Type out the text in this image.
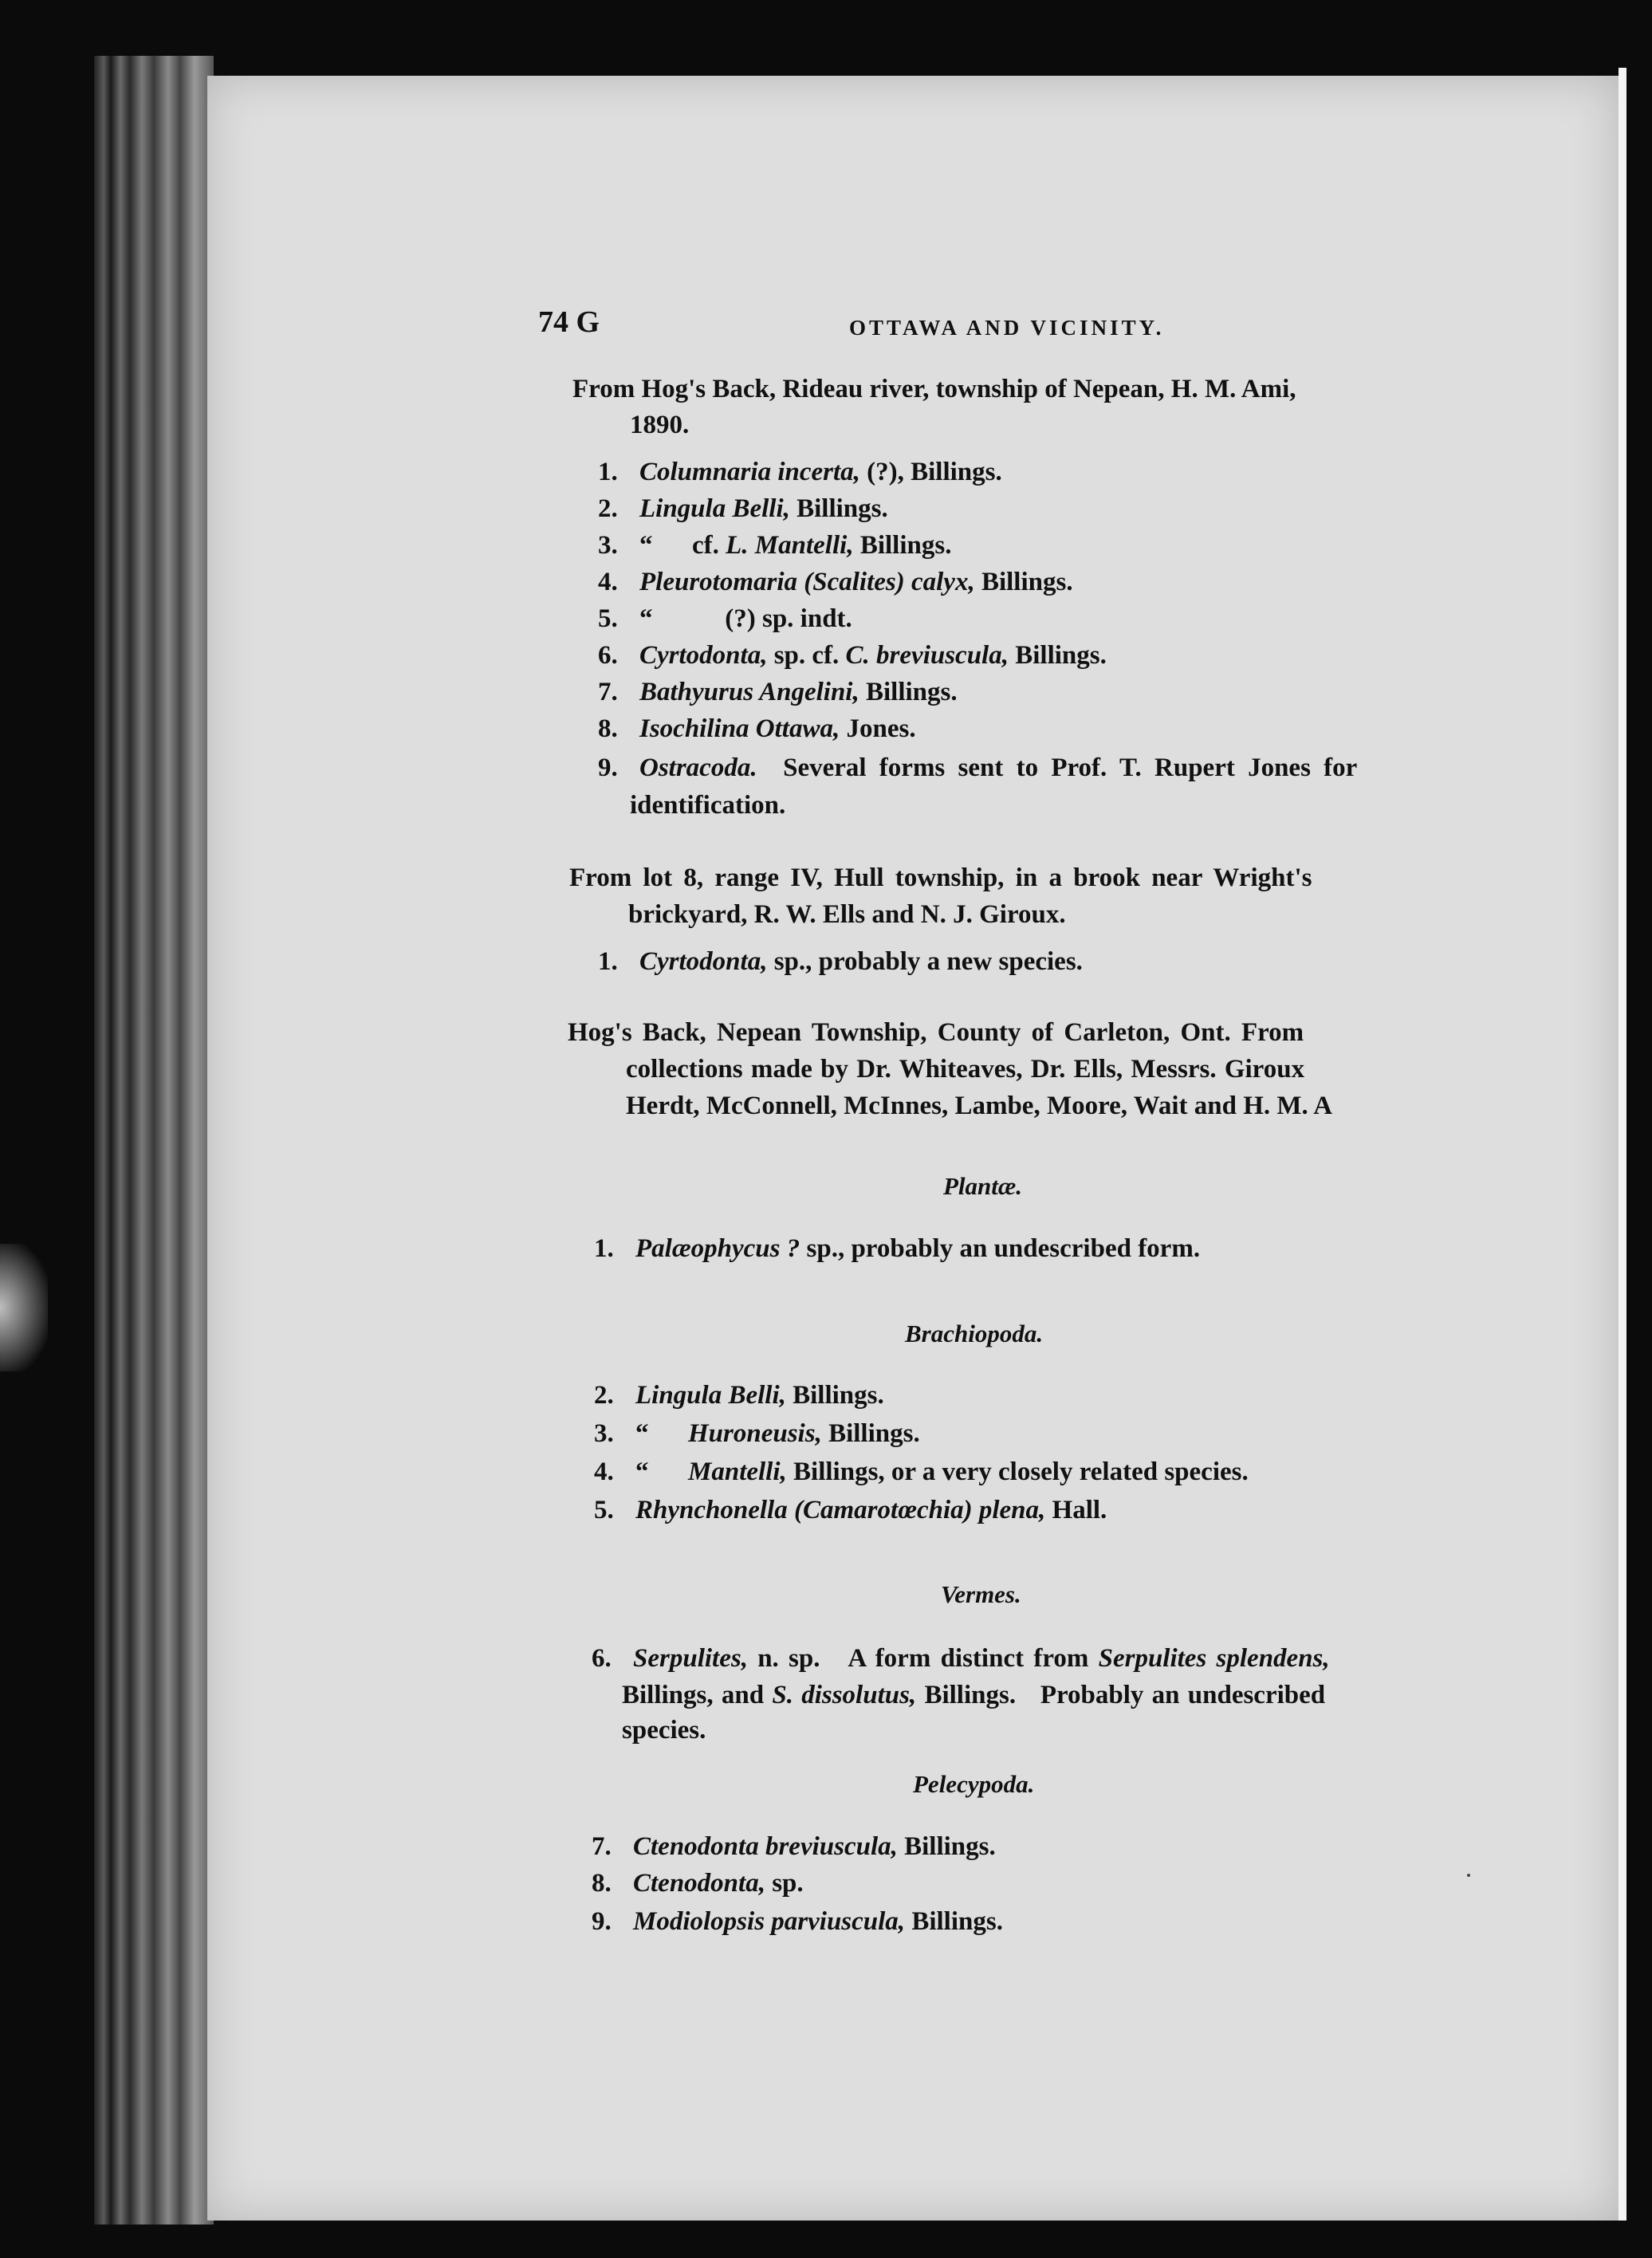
74 G	OTTAWA AND VICINITY.
From Hog's Back, Rideau river, township of Nepean, H. M. Ami,
1890.
1. Columnaria incerta, (?), Billings.
2. Lingula Belli, Billings.
3. “      cf. L. Mantelli, Billings.
4. Pleurotomaria (Scalites) calyx, Billings.
5. “           (?) sp. indt.
6. Cyrtodonta, sp. cf. C. breviuscula, Billings.
7. Bathyurus Angelini, Billings.
8. Isochilina Ottawa, Jones.
9. Ostracoda.  Several forms sent to Prof. T. Rupert Jones for
identification.
From lot 8, range IV, Hull township, in a brook near Wright's
brickyard, R. W. Ells and N. J. Giroux.
1. Cyrtodonta, sp., probably a new species.
Hog's Back, Nepean Township, County of Carleton, Ont. From
collections made by Dr. Whiteaves, Dr. Ells, Messrs. Giroux
Herdt, McConnell, McInnes, Lambe, Moore, Wait and H. M. A
Plantæ.
1. Palæophycus ? sp., probably an undescribed form.
Brachiopoda.
2. Lingula Belli, Billings.
3. “      Huroneusis, Billings.
4. “      Mantelli, Billings, or a very closely related species.
5. Rhynchonella (Camarotœchia) plena, Hall.
Vermes.
6. Serpulites, n. sp.   A form distinct from Serpulites splendens,
Billings, and S. dissolutus, Billings.   Probably an undescribed
species.
Pelecypoda.
7. Ctenodonta breviuscula, Billings.
8. Ctenodonta, sp.
9. Modiolopsis parviuscula, Billings.
